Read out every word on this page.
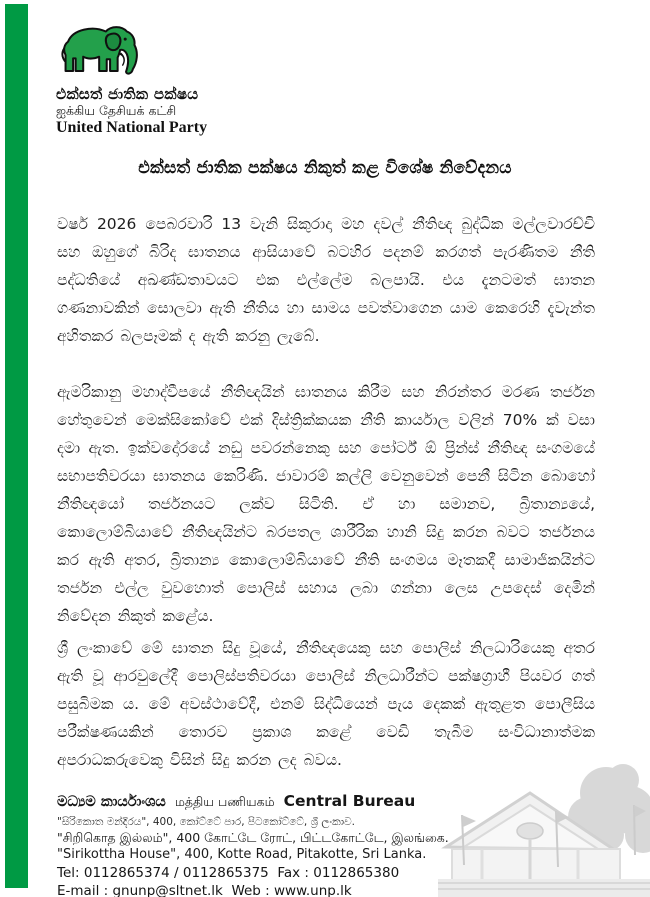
එක්සත් ජාතික පක්ෂය
ஐக்கிய தேசியக் கட்சி
United National Party
එක්සත් ජාතික පක්ෂය නිකුත් කළ විශේෂ නිවේදනය

වර්ෂ 2026 පෙබරවාරි 13 වැනි සිකුරාදා මහ දවල් නීතිඥ බුද්ධික මල්ලවාරච්චි සහ ඔහුගේ බිරිද ඝාතනය ආසියාවේ බටහිර පදනම් කරගත් පැරණිතම නීති පද්ධතියේ අඛණ්ඩතාවයට එක එල්ලේම බලපායි. එය දැනටමත් ඝාතන ගණනාවකින් සොලවා ඇති නීතිය හා සාමය පවත්වාගෙන යාම කෙරෙහි දැවැන්ත අහිතකර බලපෑමක් ද ඇති කරනු ලැබේ.

ඇමරිකානු මහාද්වීපයේ නීතිඥයින් ඝාතනය කිරීම සහ නිරන්තර මරණ තර්ජන හේතුවෙන් මෙක්සිකෝවේ එක් දිස්ත්‍රික්කයක නීති කාර්යාල වලින් 70% ක් වසා දමා ඇත. ඉක්වදෝරයේ නඩු පවරන්නෙකු සහ පෝර්ට් ඕ ප්‍රින්ස් නීතිඥ සංගමයේ සභාපතිවරයා ඝාතනය කෙරිණි. ජාවාරම් කල්ලි වෙනුවෙන් පෙනී සිටින බොහෝ නීතිඥයෝ තර්ජනයට ලක්ව සිටිති. ඒ හා සමානව, බ්‍රිතාන්‍යයේ, කොලොම්බියාවේ නීතිඥයින්ට බරපතල ශාරීරික හානි සිදු කරන බවට තර්ජනය කර ඇති අතර, බ්‍රිතාන්‍ය කොලොම්බියාවේ නීති සංගමය මෑතකදී සාමාජිකයින්ට තර්ජන එල්ල වුවහොත් පොලිස් සහාය ලබා ගන්නා ලෙස උපදෙස් දෙමින් නිවේදන නිකුත් කළේය.

ශ්‍රී ලංකාවේ මේ ඝාතන සිදු වූයේ, නීතිඥයෙකු සහ පොලිස් නිලධාරියෙකු අතර ඇති වූ ආරවුලේදී පොලිස්පතිවරයා පොලිස් නිලධාරීන්ට පක්ෂග්‍රාහී පියවර ගත් පසුබිමක ය. මේ අවස්ථාවේදී, එනම් සිද්ධියෙන් පැය දෙකක් ඇතුළත පොලීසිය පරීක්ෂණයකින් තොරව ප්‍රකාශ කළේ වෙඩි තැබීම සංවිධානාත්මක අපරාධකරුවෙකු විසින් සිදු කරන ලද බවය.

මධ්‍යම කාර්යාංශය மத்திய பணியகம் Central Bureau
"සිරිකොත මන්දිරය", 400, කෝට්ටේ පාර, පිටකෝට්ටේ, ශ්‍රී ලංකාව.
"சிறிகொத இல்லம்", 400 கோட்டே ரோட், பிட்டகோட்டே, இலங்கை.
"Sirikottha House", 400, Kotte Road, Pitakotte, Sri Lanka.
Tel: 0112865374 / 0112865375  Fax : 0112865380
E-mail : gnunp@sltnet.lk  Web : www.unp.lk
